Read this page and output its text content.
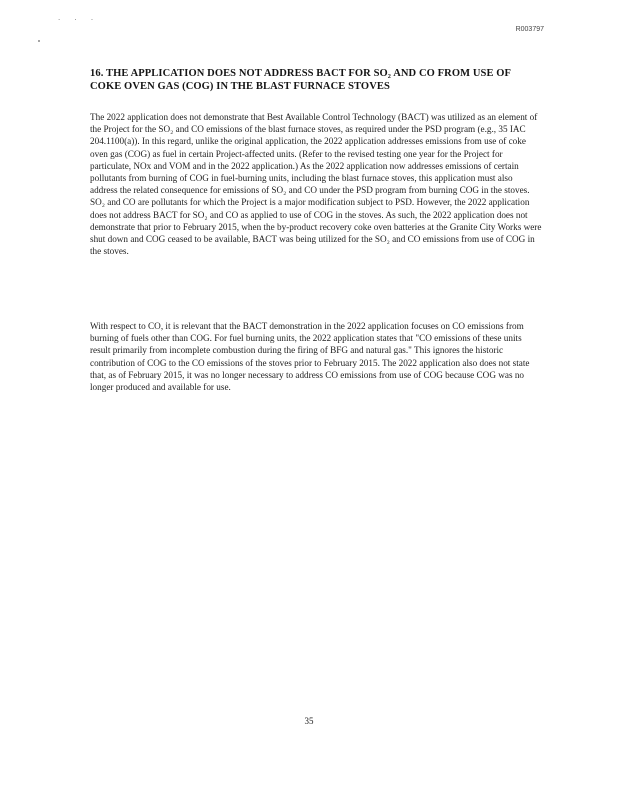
· · ·
R003797
16. THE APPLICATION DOES NOT ADDRESS BACT FOR SO₂ AND CO FROM USE OF COKE OVEN GAS (COG) IN THE BLAST FURNACE STOVES
The 2022 application does not demonstrate that Best Available Control Technology (BACT) was utilized as an element of the Project for the SO₂ and CO emissions of the blast furnace stoves, as required under the PSD program (e.g., 35 IAC 204.1100(a)). In this regard, unlike the original application, the 2022 application addresses emissions from use of coke oven gas (COG) as fuel in certain Project-affected units. (Refer to the revised testing one year for the Project for particulate, NOx and VOM and in the 2022 application.) As the 2022 application now addresses emissions of certain pollutants from burning of COG in fuel-burning units, including the blast furnace stoves, this application must also address the related consequence for emissions of SO₂ and CO under the PSD program from burning COG in the stoves. SO₂ and CO are pollutants for which the Project is a major modification subject to PSD. However, the 2022 application does not address BACT for SO₂ and CO as applied to use of COG in the stoves. As such, the 2022 application does not demonstrate that prior to February 2015, when the by-product recovery coke oven batteries at the Granite City Works were shut down and COG ceased to be available, BACT was being utilized for the SO₂ and CO emissions from use of COG in the stoves.
With respect to CO, it is relevant that the BACT demonstration in the 2022 application focuses on CO emissions from burning of fuels other than COG. For fuel burning units, the 2022 application states that "CO emissions of these units result primarily from incomplete combustion during the firing of BFG and natural gas." This ignores the historic contribution of COG to the CO emissions of the stoves prior to February 2015. The 2022 application also does not state that, as of February 2015, it was no longer necessary to address CO emissions from use of COG because COG was no longer produced and available for use.
35
